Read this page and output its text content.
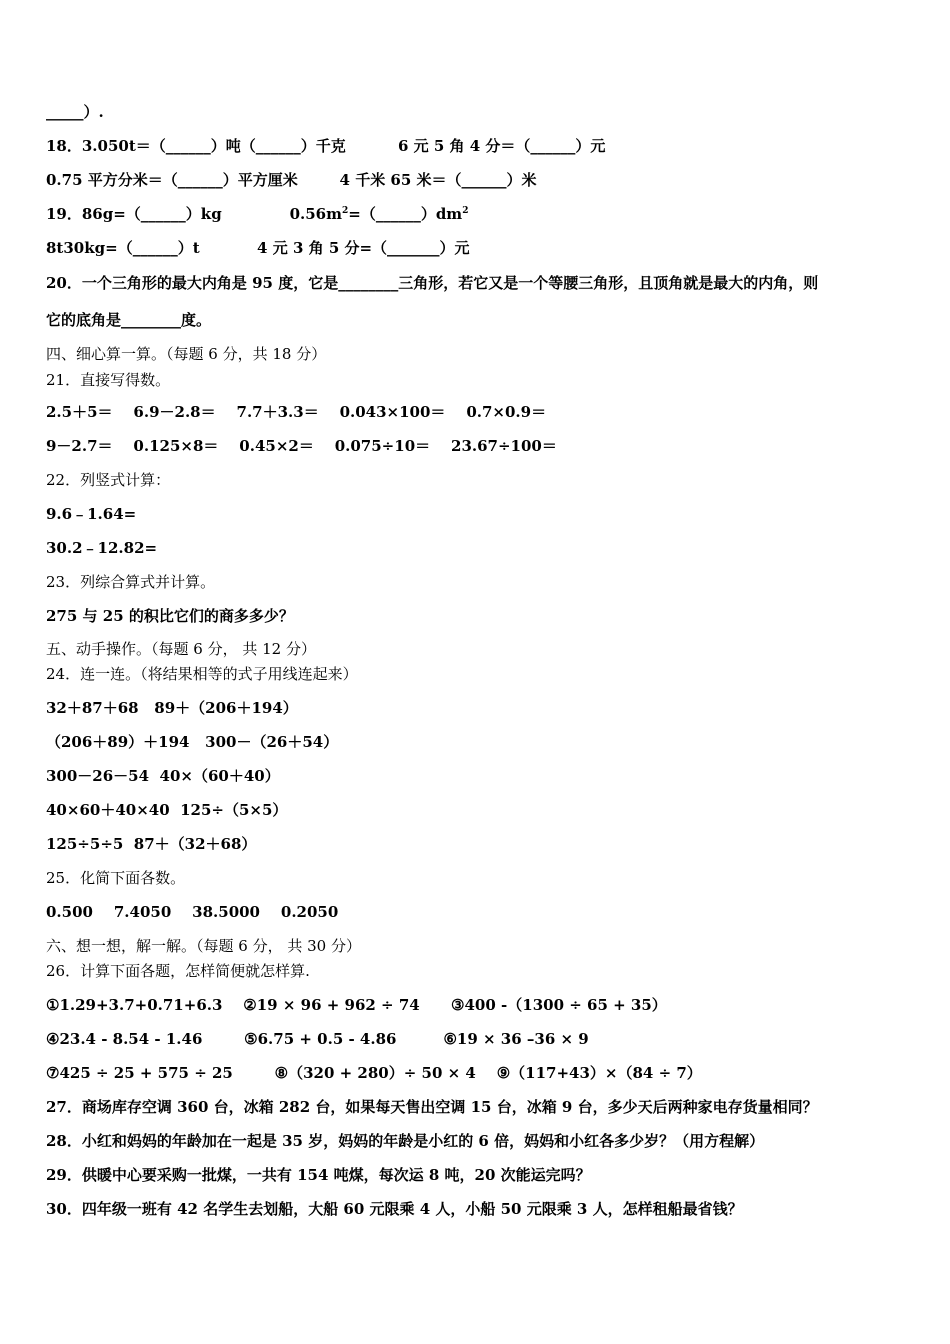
_____）.
18．3.050t＝（______）吨（______）千克          6 元 5 角 4 分＝（______）元
0.75 平方分米＝（______）平方厘米        4 千米 65 米＝（______）米
19．86g=（______）kg             $0.56m^2=(\_\_\_\_\_\_)dm^2$
8t30kg=（______）t           4 元 3 角 5 分=（_______）元
20．一个三角形的最大内角是 95 度，它是________三角形，若它又是一个等腰三角形，且顶角就是最大的内角，则
它的底角是________度。
四、细心算一算。（每题 6 分，共 18 分）
21．直接写得数。
2.5＋5＝    6.9－2.8＝    7.7＋3.3＝    0.043×100＝    0.7×0.9＝
9－2.7＝    0.125×8＝    0.45×2＝    0.075÷10＝    23.67÷100＝
22．列竖式计算：
9.6﹣1.64=
30.2﹣12.82=
23．列综合算式并计算。
275 与 25 的积比它们的商多多少？
五、动手操作。（每题 6 分， 共 12 分）
24．连一连。（将结果相等的式子用线连起来）
32＋87＋68   89＋（206＋194）
（206＋89）＋194   300－（26＋54）
300－26－54  40×（60＋40）
40×60＋40×40  125÷（5×5）
125÷5÷5  87＋（32＋68）
25．化简下面各数。
0.500    7.4050    38.5000    0.2050
六、想一想，解一解。（每题 6 分， 共 30 分）
26．计算下面各题，怎样简便就怎样算.
①1.29+3.7+0.71+6.3    ②19 × 96 + 962 ÷ 74      ③400 -（1300 ÷ 65 + 35）
④23.4 - 8.54 - 1.46        ⑤6.75 + 0.5 - 4.86         ⑥19 × 36 –36 × 9
⑦425 ÷ 25 + 575 ÷ 25        ⑧（320 + 280）÷ 50 × 4    ⑨（117+43）×（84 ÷ 7）
27．商场库存空调 360 台，冰箱 282 台，如果每天售出空调 15 台，冰箱 9 台，多少天后两种家电存货量相同？
28．小红和妈妈的年龄加在一起是 35 岁，妈妈的年龄是小红的 6 倍，妈妈和小红各多少岁？（用方程解）
29．供暖中心要采购一批煤，一共有 154 吨煤，每次运 8 吨，20 次能运完吗？
30．四年级一班有 42 名学生去划船，大船 60 元限乘 4 人，小船 50 元限乘 3 人，怎样租船最省钱？
